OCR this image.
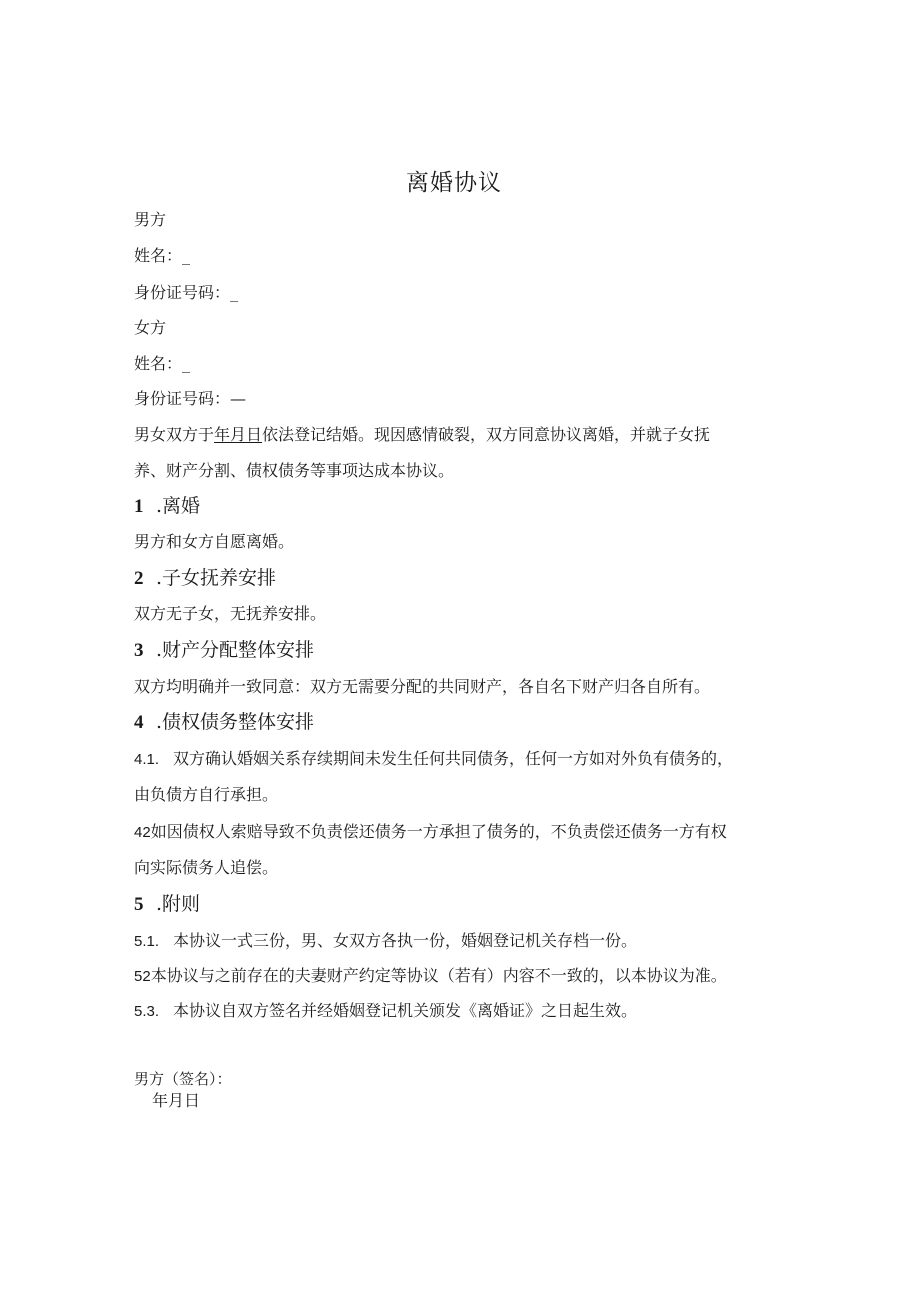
离婚协议
男方
姓名：_
身份证号码：_
女方
姓名：_
身份证号码：—
男女双方于年月日依法登记结婚。现因感情破裂，双方同意协议离婚，并就子女抚
养、财产分割、债权债务等事项达成本协议。
1 .离婚
男方和女方自愿离婚。
2 .子女抚养安排
双方无子女，无抚养安排。
3 .财产分配整体安排
双方均明确并一致同意：双方无需要分配的共同财产，各自名下财产归各自所有。
4 .债权债务整体安排
4.1. 双方确认婚姻关系存续期间未发生任何共同债务，任何一方如对外负有债务的，
由负债方自行承担。
42如因债权人索赔导致不负责偿还债务一方承担了债务的，不负责偿还债务一方有权
向实际债务人追偿。
5 .附则
5.1. 本协议一式三份，男、女双方各执一份，婚姻登记机关存档一份。
52本协议与之前存在的夫妻财产约定等协议（若有）内容不一致的，以本协议为准。
5.3. 本协议自双方签名并经婚姻登记机关颁发《离婚证》之日起生效。
男方（签名）：
年月日
